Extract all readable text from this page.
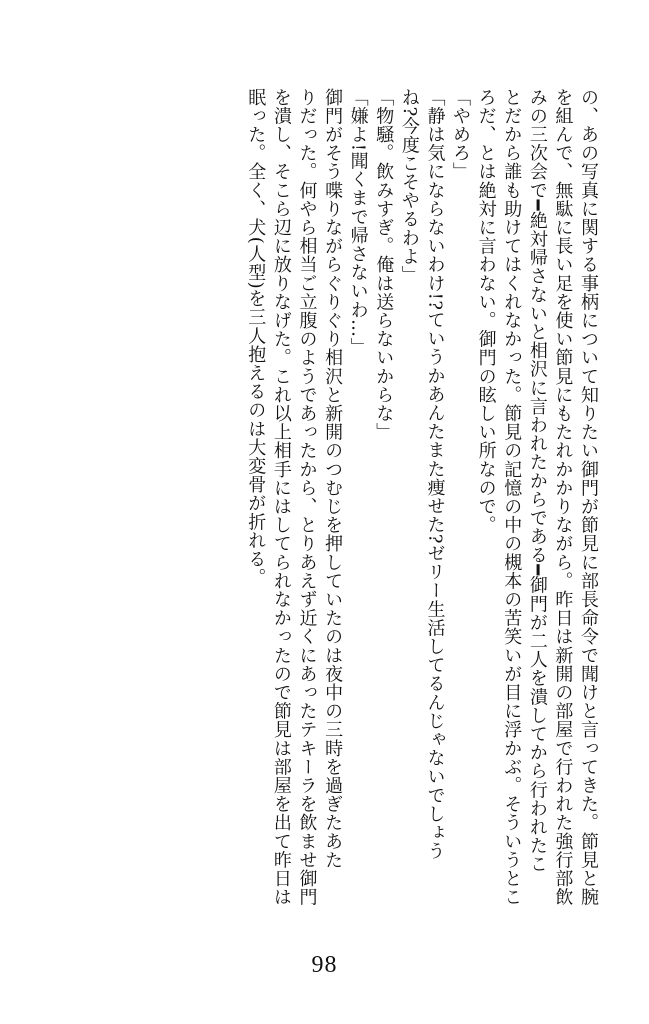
の、あの写真に関する事柄について知りたい御門が節見に部長命令で聞けと言ってきた。節見と腕
を組んで、無駄に長い足を使い節見にもたれかかりながら。昨日は新開の部屋で行われた強行部飲
みの三次会で━絶対帰さないと相沢に言われたからである━御門が二人を潰してから行われたこ
とだから誰も助けてはくれなかった。節見の記憶の中の槻本の苦笑いが目に浮かぶ。そういうとこ
ろだ、とは絶対に言わない。御門の眩しい所なので。
「やめろ」
「静は気にならないわけ!?ていうかあんたまた痩せた?ゼリー生活してるんじゃないでしょう
ね?今度こそやるわよ」
「物騒。飲みすぎ。俺は送らないからな」
「嫌よ!聞くまで帰さないわ…」
御門がそう喋りながらぐりぐり相沢と新開のつむじを押していたのは夜中の三時を過ぎたあた
りだった。何やら相当ご立腹のようであったから、とりあえず近くにあったテキーラを飲ませ御門
を潰し、そこら辺に放りなげた。これ以上相手にはしてられなかったので節見は部屋を出て昨日は
眠った。全く、犬(人型)を三人抱えるのは大変骨が折れる。
98
